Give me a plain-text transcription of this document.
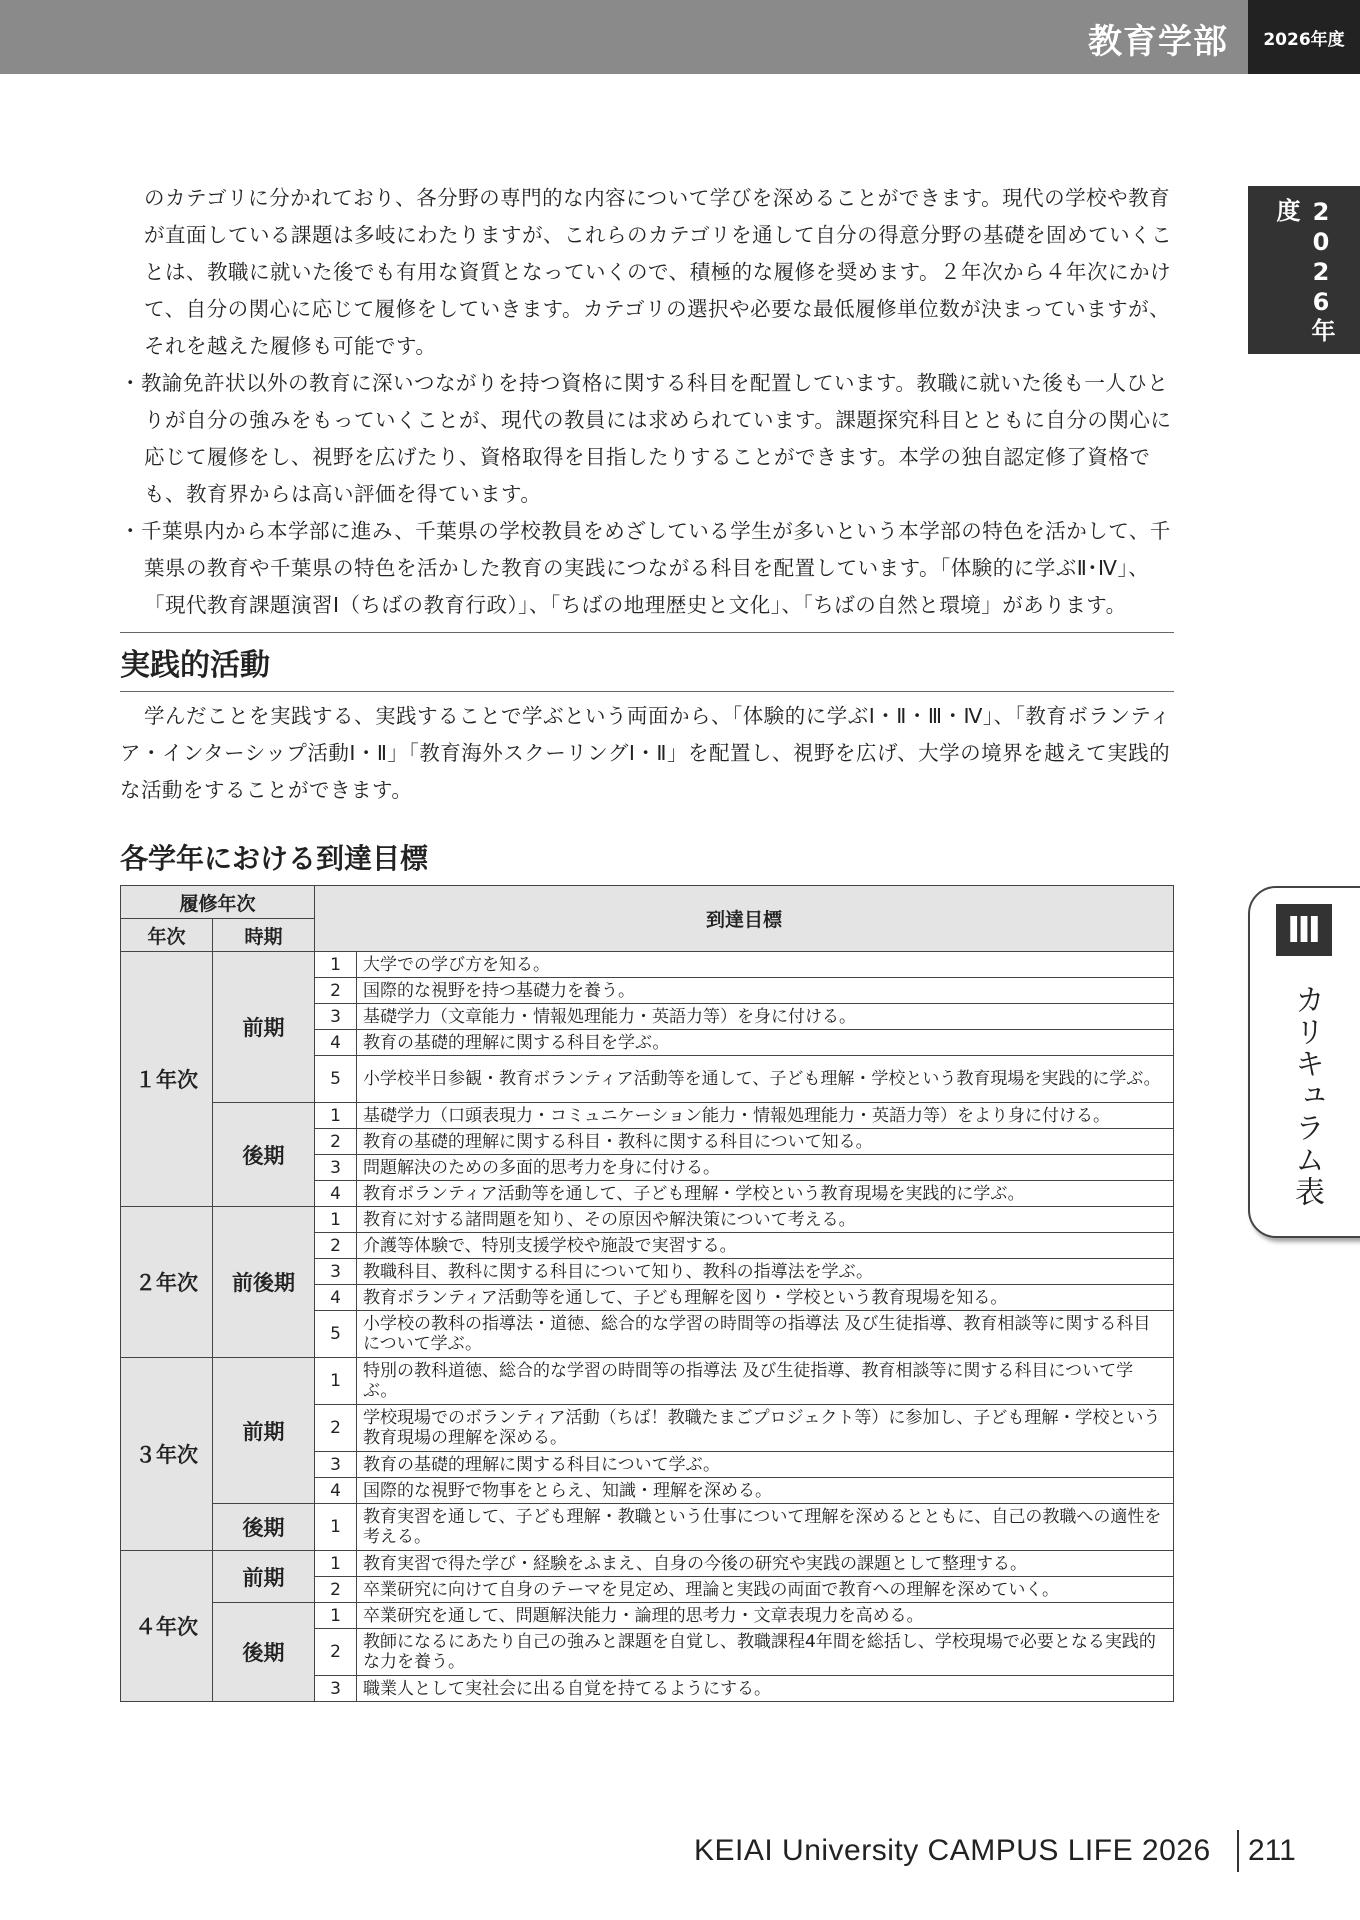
教育学部	2026年度
2026年度
Ⅲ
カリキュラム表

のカテゴリに分かれており、各分野の専門的な内容について学びを深めることができます。現代の学校や教育が直面している課題は多岐にわたりますが、これらのカテゴリを通して自分の得意分野の基礎を固めていくことは、教職に就いた後でも有用な資質となっていくので、積極的な履修を奨めます。２年次から４年次にかけて、自分の関心に応じて履修をしていきます。カテゴリの選択や必要な最低履修単位数が決まっていますが、それを越えた履修も可能です。

・教諭免許状以外の教育に深いつながりを持つ資格に関する科目を配置しています。教職に就いた後も一人ひとりが自分の強みをもっていくことが、現代の教員には求められています。課題探究科目とともに自分の関心に応じて履修をし、視野を広げたり、資格取得を目指したりすることができます。本学の独自認定修了資格でも、教育界からは高い評価を得ています。

・千葉県内から本学部に進み、千葉県の学校教員をめざしている学生が多いという本学部の特色を活かして、千葉県の教育や千葉県の特色を活かした教育の実践につながる科目を配置しています。「体験的に学ぶⅡ･Ⅳ」、「現代教育課題演習Ⅰ（ちばの教育行政）」、「ちばの地理歴史と文化」、「ちばの自然と環境」があります。

実践的活動

学んだことを実践する、実践することで学ぶという両面から、「体験的に学ぶⅠ・Ⅱ・Ⅲ・Ⅳ」、「教育ボランティア・インターシップ活動Ⅰ・Ⅱ」「教育海外スクーリングⅠ・Ⅱ」を配置し、視野を広げ、大学の境界を越えて実践的な活動をすることができます。

各学年における到達目標
履修年次		到達目標	
年次	時期		
１年次	前期	1	大学での学び方を知る。
		2	国際的な視野を持つ基礎力を養う。
		3	基礎学力（文章能力・情報処理能力・英語力等）を身に付ける。
		4	教育の基礎的理解に関する科目を学ぶ。
		5	小学校半日参観・教育ボランティア活動等を通して、子ども理解・学校という教育現場を実践的に学ぶ。
	後期	1	基礎学力（口頭表現力・コミュニケーション能力・情報処理能力・英語力等）をより身に付ける。
		2	教育の基礎的理解に関する科目・教科に関する科目について知る。
		3	問題解決のための多面的思考力を身に付ける。
		4	教育ボランティア活動等を通して、子ども理解・学校という教育現場を実践的に学ぶ。
２年次	前後期	1	教育に対する諸問題を知り、その原因や解決策について考える。
		2	介護等体験で、特別支援学校や施設で実習する。
		3	教職科目、教科に関する科目について知り、教科の指導法を学ぶ。
		4	教育ボランティア活動等を通して、子ども理解を図り・学校という教育現場を知る。
		5	小学校の教科の指導法・道徳、総合的な学習の時間等の指導法 及び生徒指導、教育相談等に関する科目について学ぶ。
３年次	前期	1	特別の教科道徳、総合的な学習の時間等の指導法 及び生徒指導、教育相談等に関する科目について学ぶ。
		2	学校現場でのボランティア活動（ちば！教職たまごプロジェクト等）に参加し、子ども理解・学校という教育現場の理解を深める。
		3	教育の基礎的理解に関する科目について学ぶ。
		4	国際的な視野で物事をとらえ、知識・理解を深める。
	後期	1	教育実習を通して、子ども理解・教職という仕事について理解を深めるとともに、自己の教職への適性を考える。
４年次	前期	1	教育実習で得た学び・経験をふまえ、自身の今後の研究や実践の課題として整理する。
		2	卒業研究に向けて自身のテーマを見定め、理論と実践の両面で教育への理解を深めていく。
	後期	1	卒業研究を通して、問題解決能力・論理的思考力・文章表現力を高める。
		2	教師になるにあたり自己の強みと課題を自覚し、教職課程4年間を総括し、学校現場で必要となる実践的な力を養う。
		3	職業人として実社会に出る自覚を持てるようにする。
KEIAI University CAMPUS LIFE 2026 211
